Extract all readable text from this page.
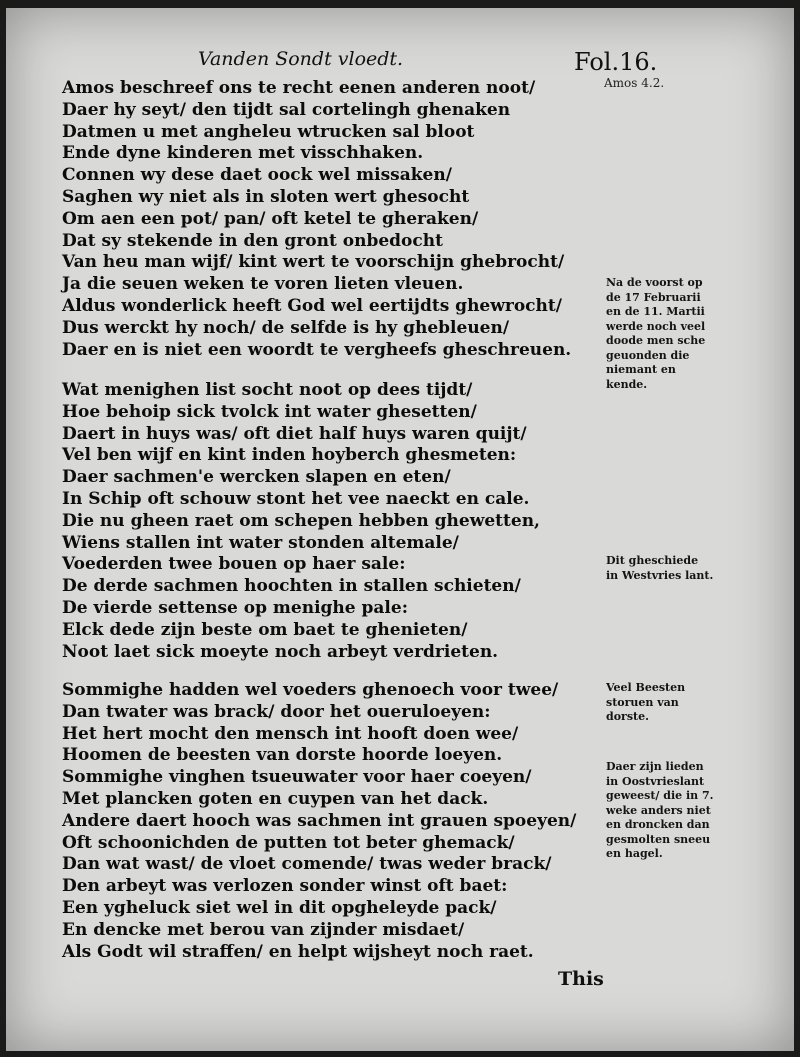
Vanden Sondt vloedt.	Fol.16.
Amos 4.2.
Amos beschreef ons te recht eenen anderen noot/
Daer hy seyt/ den tijdt sal cortelingh ghenaken
Datmen u met angheleu wtrucken sal bloot
Ende dyne kinderen met visschhaken.
Connen wy dese daet oock wel missaken/
Saghen wy niet als in sloten wert ghesocht
Om aen een pot/ pan/ oft ketel te gheraken/
Dat sy stekende in den gront onbedocht
Van heu man wijf/ kint wert te voorschijn ghebrocht/
Ja die seuen weken te voren lieten vleuen.
Aldus wonderlick heeft God wel eertijdts ghewrocht/
Dus werckt hy noch/ de selfde is hy ghebleuen/
Daer en is niet een woordt te vergheefs gheschreuen.
Wat menighen list socht noot op dees tijdt/
Hoe behoip sick tvolck int water ghesetten/
Daert in huys was/ oft diet half huys waren quijt/
Vel ben wijf en kint inden hoyberch ghesmeten:
Daer sachmen'e wercken slapen en eten/
In Schip oft schouw stont het vee naeckt en cale.
Die nu gheen raet om schepen hebben ghewetten,
Wiens stallen int water stonden altemale/
Voederden twee bouen op haer sale:
De derde sachmen hoochten in stallen schieten/
De vierde settense op menighe pale:
Elck dede zijn beste om baet te ghenieten/
Noot laet sick moeyte noch arbeyt verdrieten.
Sommighe hadden wel voeders ghenoech voor twee/
Dan twater was brack/ door het oueruloeyen:
Het hert mocht den mensch int hooft doen wee/
Hoomen de beesten van dorste hoorde loeyen.
Sommighe vinghen tsueuwater voor haer coeyen/
Met plancken goten en cuypen van het dack.
Andere daert hooch was sachmen int grauen spoeyen/
Oft schoonichden de putten tot beter ghemack/
Dan wat wast/ de vloet comende/ twas weder brack/
Den arbeyt was verlozen sonder winst oft baet:
Een ygheluck siet wel in dit opgheleyde pack/
En dencke met berou van zijnder misdaet/
Als Godt wil straffen/ en helpt wijsheyt noch raet.
Na de voorst op de 17 Februarii en de 11. Martii werde noch veel doode men sche geuonden die niemant en kende.
Dit gheschiede in Westvries lant.
Veel Beesten storuen van dorste.
Daer zijn lieden in Oostvrieslant geweest/ die in 7. weke anders niet en droncken dan gesmolten sneeu en hagel.
This
